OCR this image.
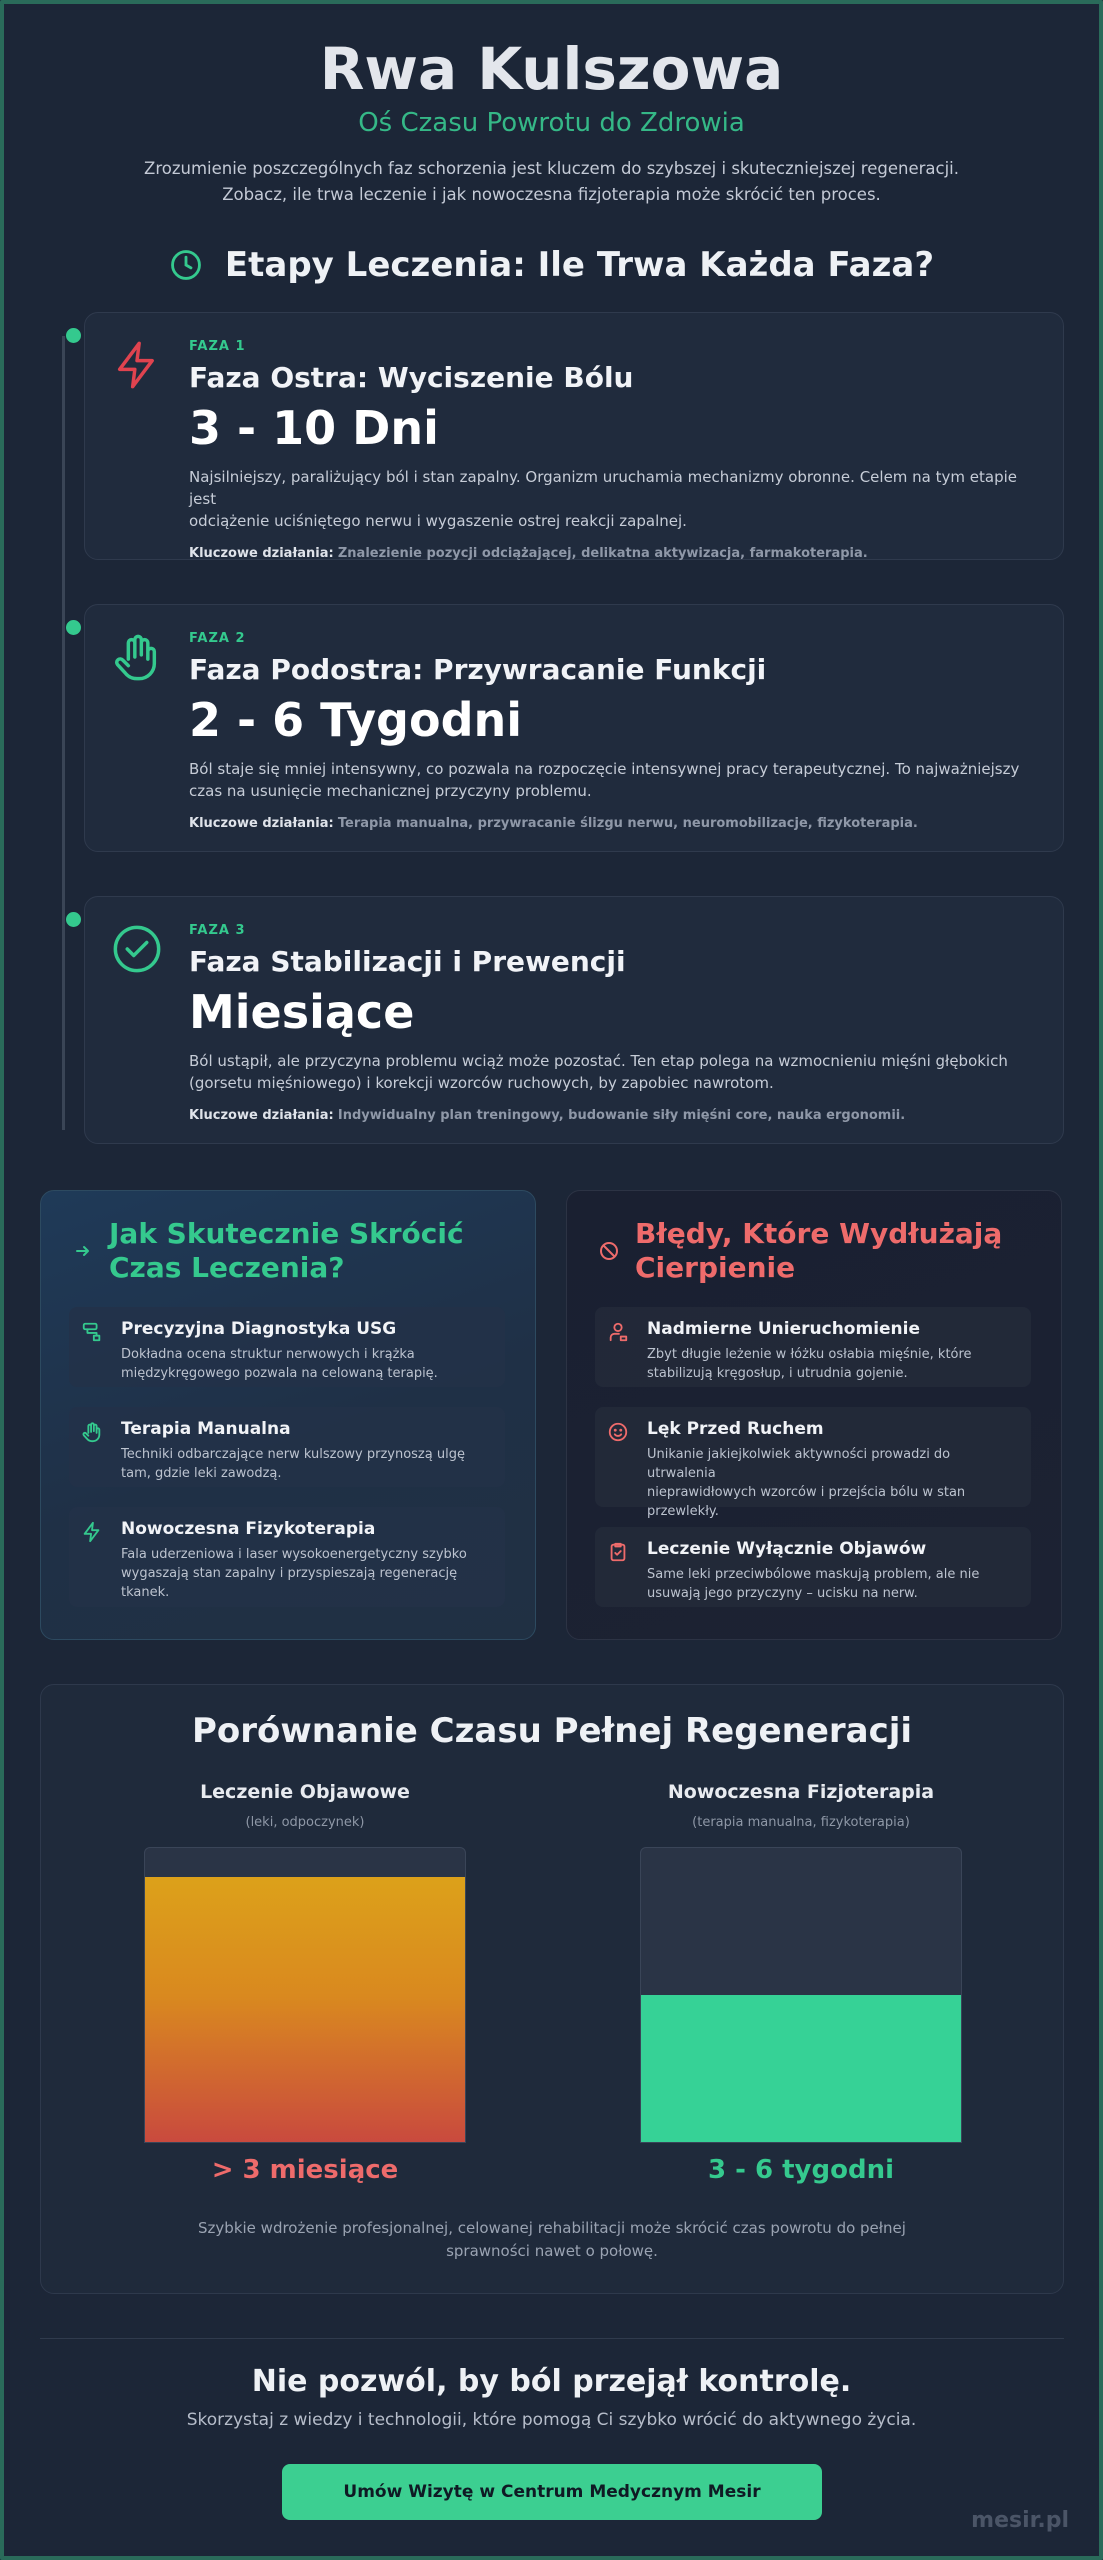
Rwa Kulszowa
Oś Czasu Powrotu do Zdrowia
Zrozumienie poszczególnych faz schorzenia jest kluczem do szybszej i skuteczniejszej regeneracji.
Zobacz, ile trwa leczenie i jak nowoczesna fizjoterapia może skrócić ten proces.
Etapy Leczenia: Ile Trwa Każda Faza?
FAZA 1
Faza Ostra: Wyciszenie Bólu
3 - 10 Dni
Najsilniejszy, paraliżujący ból i stan zapalny. Organizm uruchamia mechanizmy obronne. Celem na tym etapie jest
odciążenie uciśniętego nerwu i wygaszenie ostrej reakcji zapalnej.
Kluczowe działania: Znalezienie pozycji odciążającej, delikatna aktywizacja, farmakoterapia.
FAZA 2
Faza Podostra: Przywracanie Funkcji
2 - 6 Tygodni
Ból staje się mniej intensywny, co pozwala na rozpoczęcie intensywnej pracy terapeutycznej. To najważniejszy
czas na usunięcie mechanicznej przyczyny problemu.
Kluczowe działania: Terapia manualna, przywracanie ślizgu nerwu, neuromobilizacje, fizykoterapia.
FAZA 3
Faza Stabilizacji i Prewencji
Miesiące
Ból ustąpił, ale przyczyna problemu wciąż może pozostać. Ten etap polega na wzmocnieniu mięśni głębokich
(gorsetu mięśniowego) i korekcji wzorców ruchowych, by zapobiec nawrotom.
Kluczowe działania: Indywidualny plan treningowy, budowanie siły mięśni core, nauka ergonomii.
Jak Skutecznie Skrócić
Czas Leczenia?
Precyzyjna Diagnostyka USG
Dokładna ocena struktur nerwowych i krążka
międzykręgowego pozwala na celowaną terapię.
Terapia Manualna
Techniki odbarczające nerw kulszowy przynoszą ulgę
tam, gdzie leki zawodzą.
Nowoczesna Fizykoterapia
Fala uderzeniowa i laser wysokoenergetyczny szybko
wygaszają stan zapalny i przyspieszają regenerację
tkanek.
Błędy, Które Wydłużają
Cierpienie
Nadmierne Unieruchomienie
Zbyt długie leżenie w łóżku osłabia mięśnie, które
stabilizują kręgosłup, i utrudnia gojenie.
Lęk Przed Ruchem
Unikanie jakiejkolwiek aktywności prowadzi do utrwalenia
nieprawidłowych wzorców i przejścia bólu w stan
przewlekły.
Leczenie Wyłącznie Objawów
Same leki przeciwbólowe maskują problem, ale nie
usuwają jego przyczyny – ucisku na nerw.
Porównanie Czasu Pełnej Regeneracji
Leczenie Objawowe
(leki, odpoczynek)
> 3 miesiące
Nowoczesna Fizjoterapia
(terapia manualna, fizykoterapia)
3 - 6 tygodni
Szybkie wdrożenie profesjonalnej, celowanej rehabilitacji może skrócić czas powrotu do pełnej
sprawności nawet o połowę.
Nie pozwól, by ból przejął kontrolę.
Skorzystaj z wiedzy i technologii, które pomogą Ci szybko wrócić do aktywnego życia.
Umów Wizytę w Centrum Medycznym Mesir
mesir.pl
